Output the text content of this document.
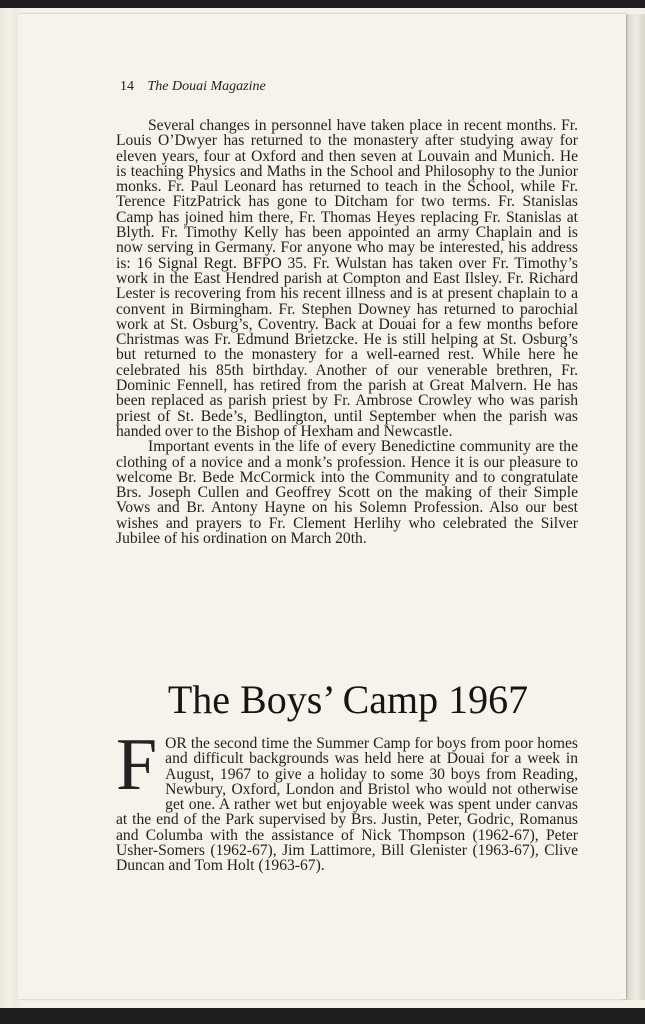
14 The Douai Magazine

Several changes in personnel have taken place in recent months. Fr. Louis O’Dwyer has returned to the monastery after studying away for eleven years, four at Oxford and then seven at Louvain and Munich. He is teaching Physics and Maths in the School and Philosophy to the Junior monks. Fr. Paul Leonard has returned to teach in the School, while Fr. Terence FitzPatrick has gone to Ditcham for two terms. Fr. Stanislas Camp has joined him there, Fr. Thomas Heyes replacing Fr. Stanislas at Blyth. Fr. Timothy Kelly has been appointed an army Chaplain and is now serving in Germany. For anyone who may be interested, his address is: 16 Signal Regt. BFPO 35. Fr. Wulstan has taken over Fr. Timothy’s work in the East Hendred parish at Compton and East Ilsley. Fr. Richard Lester is recovering from his recent illness and is at present chaplain to a convent in Birmingham. Fr. Stephen Downey has returned to parochial work at St. Osburg’s, Coventry. Back at Douai for a few months before Christmas was Fr. Edmund Brietzcke. He is still helping at St. Osburg’s but returned to the monastery for a well-earned rest. While here he celebrated his 85th birthday. Another of our venerable brethren, Fr. Dominic Fennell, has retired from the parish at Great Malvern. He has been replaced as parish priest by Fr. Ambrose Crowley who was parish priest of St. Bede’s, Bedlington, until September when the parish was handed over to the Bishop of Hexham and Newcastle.

Important events in the life of every Benedictine community are the clothing of a novice and a monk’s profession. Hence it is our pleasure to welcome Br. Bede McCormick into the Community and to congratulate Brs. Joseph Cullen and Geoffrey Scott on the making of their Simple Vows and Br. Antony Hayne on his Solemn Profession. Also our best wishes and prayers to Fr. Clement Herlihy who celebrated the Silver Jubilee of his ordination on March 20th.

The Boys’ Camp 1967

FOR the second time the Summer Camp for boys from poor homes and difficult backgrounds was held here at Douai for a week in August, 1967 to give a holiday to some 30 boys from Reading, Newbury, Oxford, London and Bristol who would not otherwise get one. A rather wet but enjoyable week was spent under canvas at the end of the Park supervised by Brs. Justin, Peter, Godric, Romanus and Columba with the assistance of Nick Thompson (1962-67), Peter Usher-Somers (1962-67), Jim Lattimore, Bill Glenister (1963-67), Clive Duncan and Tom Holt (1963-67).
